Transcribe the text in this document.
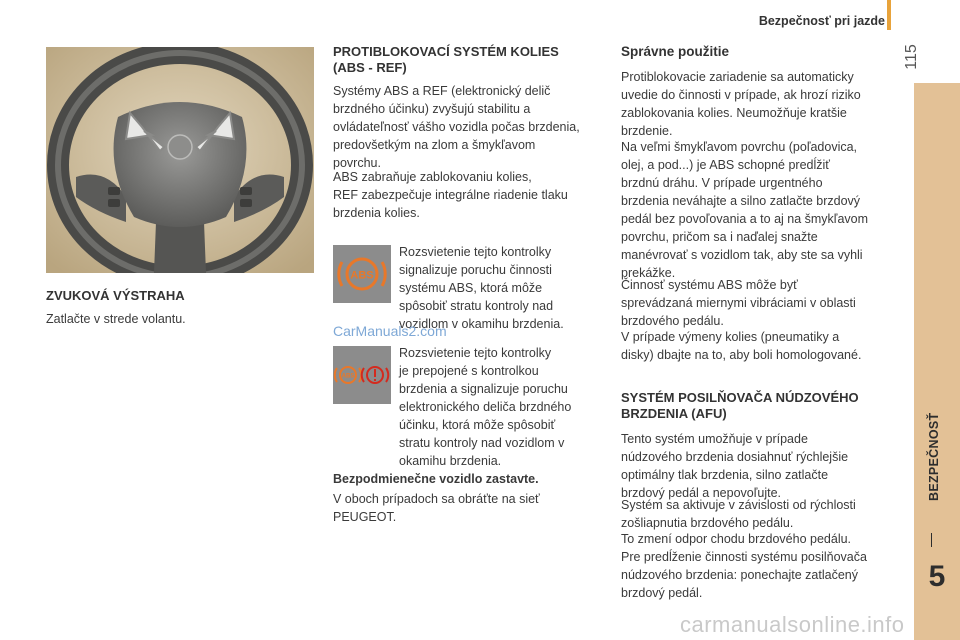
Bezpečnosť pri jazde
115
BEZPEČNOSŤ
5
ZVUKOVÁ VÝSTRAHA
Zatlačte v strede volantu.
PROTIBLOKOVACÍ SYSTÉM KOLIES
(ABS - REF)
Systémy ABS a REF (elektronický delič
brzdného účinku) zvyšujú stabilitu a
ovládateľnosť vášho vozidla počas brzdenia,
predovšetkým na zlom a šmykľavom
povrchu.
ABS zabraňuje zablokovaniu kolies,
REF zabezpečuje integrálne riadenie tlaku
brzdenia kolies.
ABS
Rozsvietenie tejto kontrolky
signalizuje poruchu činnosti
systému ABS, ktorá môže
spôsobiť stratu kontroly nad
vozidlom v okamihu brzdenia.
CarManuals2.com
ABS
Rozsvietenie tejto kontrolky
je prepojené s kontrolkou
brzdenia a signalizuje poruchu
elektronického deliča brzdného
účinku, ktorá môže spôsobiť
stratu kontroly nad vozidlom v
okamihu brzdenia.
Bezpodmienečne vozidlo zastavte.
V oboch prípadoch sa obráťte na sieť
PEUGEOT.
Správne použitie
Protiblokovacie zariadenie sa automaticky
uvedie do činnosti v prípade, ak hrozí riziko
zablokovania kolies. Neumožňuje kratšie
brzdenie.
Na veľmi šmykľavom povrchu (poľadovica,
olej, a pod...) je ABS schopné predĺžiť
brzdnú dráhu. V prípade urgentného
brzdenia neváhajte a silno zatlačte brzdový
pedál bez povoľovania a to aj na šmykľavom
povrchu, pričom sa i naďalej snažte
manévrovať s vozidlom tak, aby ste sa vyhli
prekážke.
Činnosť systému ABS môže byť
sprevádzaná miernymi vibráciami v oblasti
brzdového pedálu.
V prípade výmeny kolies (pneumatiky a
disky) dbajte na to, aby boli homologované.
SYSTÉM POSILŇOVAČA NÚDZOVÉHO
BRZDENIA (AFU)
Tento systém umožňuje v prípade
núdzového brzdenia dosiahnuť rýchlejšie
optimálny tlak brzdenia, silno zatlačte
brzdový pedál a nepovoľujte.
Systém sa aktivuje v závislosti od rýchlosti
zošliapnutia brzdového pedálu.
To zmení odpor chodu brzdového pedálu.
Pre predĺženie činnosti systému posilňovača
núdzového brzdenia: ponechajte zatlačený
brzdový pedál.
carmanualsonline.info
